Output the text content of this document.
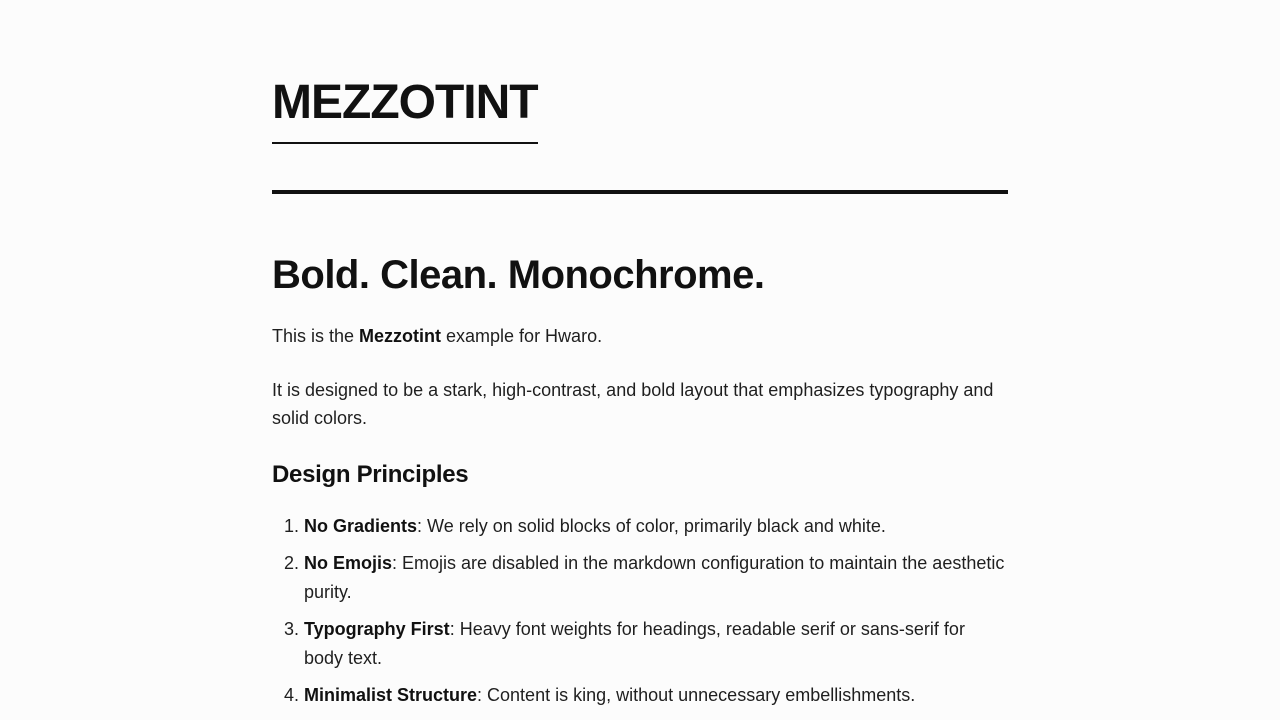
MEZZOTINT
Bold. Clean. Monochrome.

This is the Mezzotint example for Hwaro.

It is designed to be a stark, high-contrast, and bold layout that emphasizes typography and solid colors.

Design Principles
1. No Gradients: We rely on solid blocks of color, primarily black and white.
2. No Emojis: Emojis are disabled in the markdown configuration to maintain the aesthetic purity.
3. Typography First: Heavy font weights for headings, readable serif or sans-serif for body text.
4. Minimalist Structure: Content is king, without unnecessary embellishments.
